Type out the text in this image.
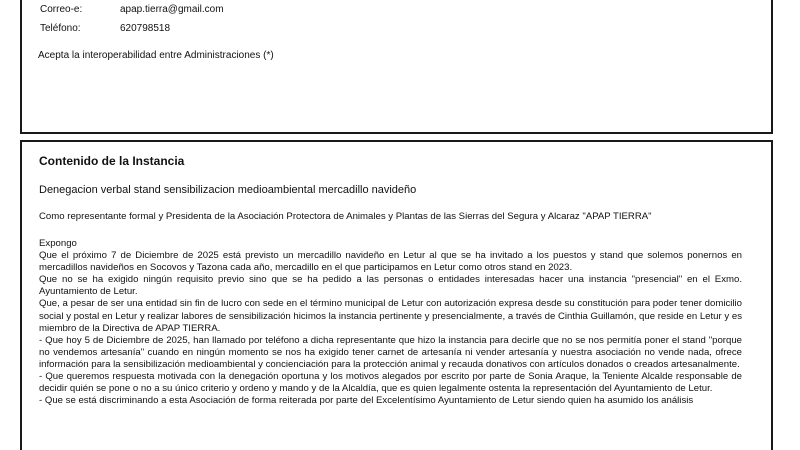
Correo-e:	apap.tierra@gmail.com
Teléfono:	620798518
Acepta la interoperabilidad entre Administraciones (*)
Contenido de la Instancia
Denegacion verbal stand sensibilizacion medioambiental mercadillo navideño
Como representante formal y Presidenta de la Asociación Protectora de Animales y Plantas de las Sierras del Segura y Alcaraz "APAP TIERRA"

Expongo

Que el próximo 7 de Diciembre de 2025 está previsto un mercadillo navideño en Letur al que se ha invitado a los puestos y stand que solemos ponernos en mercadillos navideños en Socovos y Tazona cada año, mercadillo en el que participamos en Letur como otros stand en 2023.

Que no se ha exigido ningún requisito previo sino que se ha pedido a las personas o entidades interesadas hacer una instancia "presencial" en el Exmo. Ayuntamiento de Letur.

Que, a pesar de ser una entidad sin fin de lucro con sede en el término municipal de Letur con autorización expresa desde su constitución para poder tener domicilio social y postal en Letur y realizar labores de sensibilización hicimos la instancia pertinente y presencialmente, a través de Cinthia Guillamón, que reside en Letur y es miembro de la Directiva de APAP TIERRA.

- Que hoy 5 de Diciembre de 2025, han llamado por teléfono a dicha representante que hizo la instancia para decirle que no se nos permitía poner el stand "porque no vendemos artesanía" cuando en ningún momento se nos ha exigido tener carnet de artesanía ni vender artesanía y nuestra asociación no vende nada, ofrece información para la sensibilización medioambiental y concienciación para la protección animal y recauda donativos con artículos donados o creados artesanalmente.

- Que queremos respuesta motivada con la denegación oportuna y los motivos alegados por escrito por parte de Sonia Araque, la Teniente Alcalde responsable de decidir quién se pone o no a su único criterio y ordeno y mando y de la Alcaldía, que es quien legalmente ostenta la representación del Ayuntamiento de Letur.

- Que se está discriminando a esta Asociación de forma reiterada por parte del Excelentísimo Ayuntamiento de Letur siendo quien ha asumido los análisis
